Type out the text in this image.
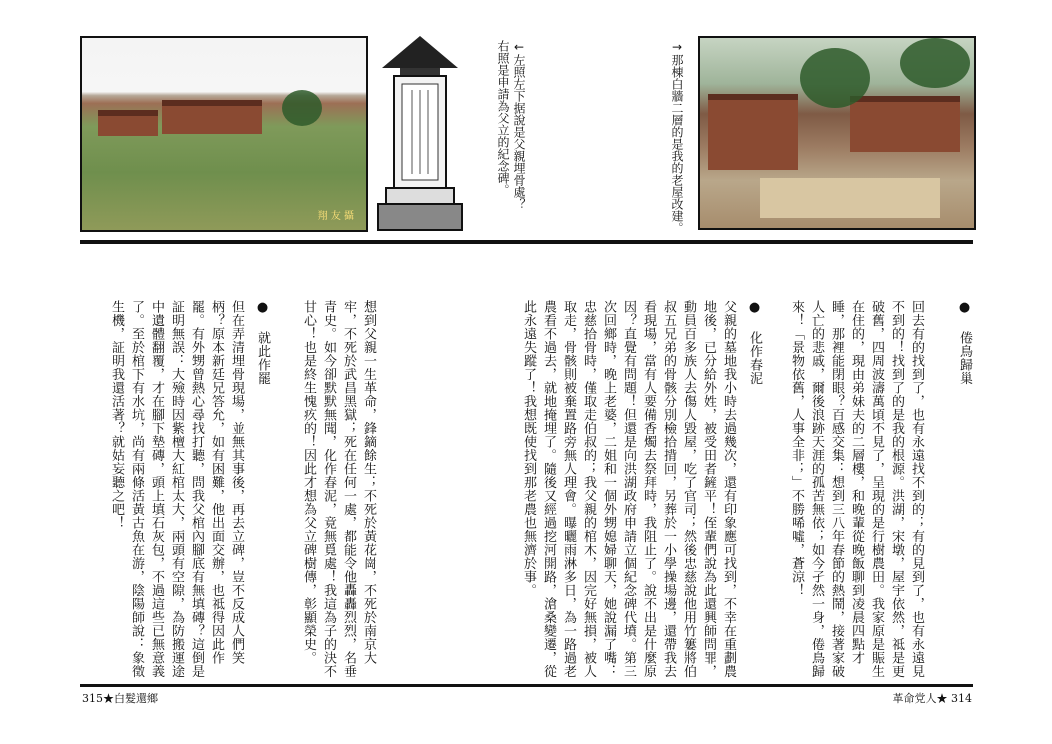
翔 友 攝
←左照左下据說是父親埋骨處？
右照是申請為父立的紀念碑。	→那棟白牆二層的是我的老屋改建。
● 倦鳥歸巢
回去有的找到了，也有永遠找不到的；有的見到了，也有永遠見不到的！找到了的是我的根源。洪湖，宋墩，屋宇依然，祗是更破舊，四周波濤萬頃不見了，呈現的是行樹農田。我家原是賑生在住的，現由弟妹夫的二層樓，和晚輩從晚飯聊到凌晨四點才睡，那裡能閉眼？百感交集：想到三八年春節的熱鬧，接著家破人亡的悲戚，爾後浪跡天涯的孤苦無依；如今孑然一身，倦鳥歸來！「景物依舊，人事全非；」不勝唏噓，蒼涼！
● 化作春泥
父親的墓地我小時去過幾次，還有印象應可找到，不幸在重劃農地後，已分給外姓，被受田者鏟平！侄輩們說為此還興師問罪，動員百多族人去傷人毀屋，吃了官司；然後忠慈說他用竹簍將伯叔五兄弟的骨骸分別檢拾揹回，另葬於一小學操場邊，還帶我去看現場，當有人要備香燭去祭拜時，我阻止了。說不出是什麼原因？直覺有問題！但還是向洪湖政府申請立個紀念碑代墳。第三次回鄉時，晚上老婆，二姐和一個外甥媳婦聊天，她說漏了嘴：忠慈拾骨時，僅取走伯叔的；我父親的棺木，因完好無損，被人取走，骨骸則被棄置路旁無人理會。曝曬雨淋多日，為一路過老農看不過去，就地掩埋了。隨後又經過挖河開路，滄桑變遷，從此永遠失蹤了！我想既使找到那老農也無濟於事。
想到父親一生革命，鋒鏑餘生；不死於黃花崗，不死於南京大牢，不死於武昌黑獄；死在任何一處，都能令他轟轟烈烈，名垂青史。如今卻默默無聞，化作春泥，竟無覓處！我這為子的決不甘心！也是終生愧疚的！因此才想為父立碑樹傳，彰顯榮史。
● 就此作罷
但在弄清埋骨現場，並無其事後，再去立碑，豈不反成人們笑柄？原本新廷兄答允，如有困難，他出面交辦，也祗得因此作罷。有外甥曾熱心尋找打聽，問我父棺內腳底有無填磚？這倒是証明無誤：大殮時因紫檀大紅棺太大，兩頭有空隙，為防搬運途中遺體翻覆，才在腳下墊磚，頭上填石灰包，不過這些已無意義了。至於棺下有水坑，尚有兩條活黃古魚在游，陰陽師說：象徵生機，証明我還活著？就姑妄聽之吧！
315★白髮還鄉	革命党人★ 314
